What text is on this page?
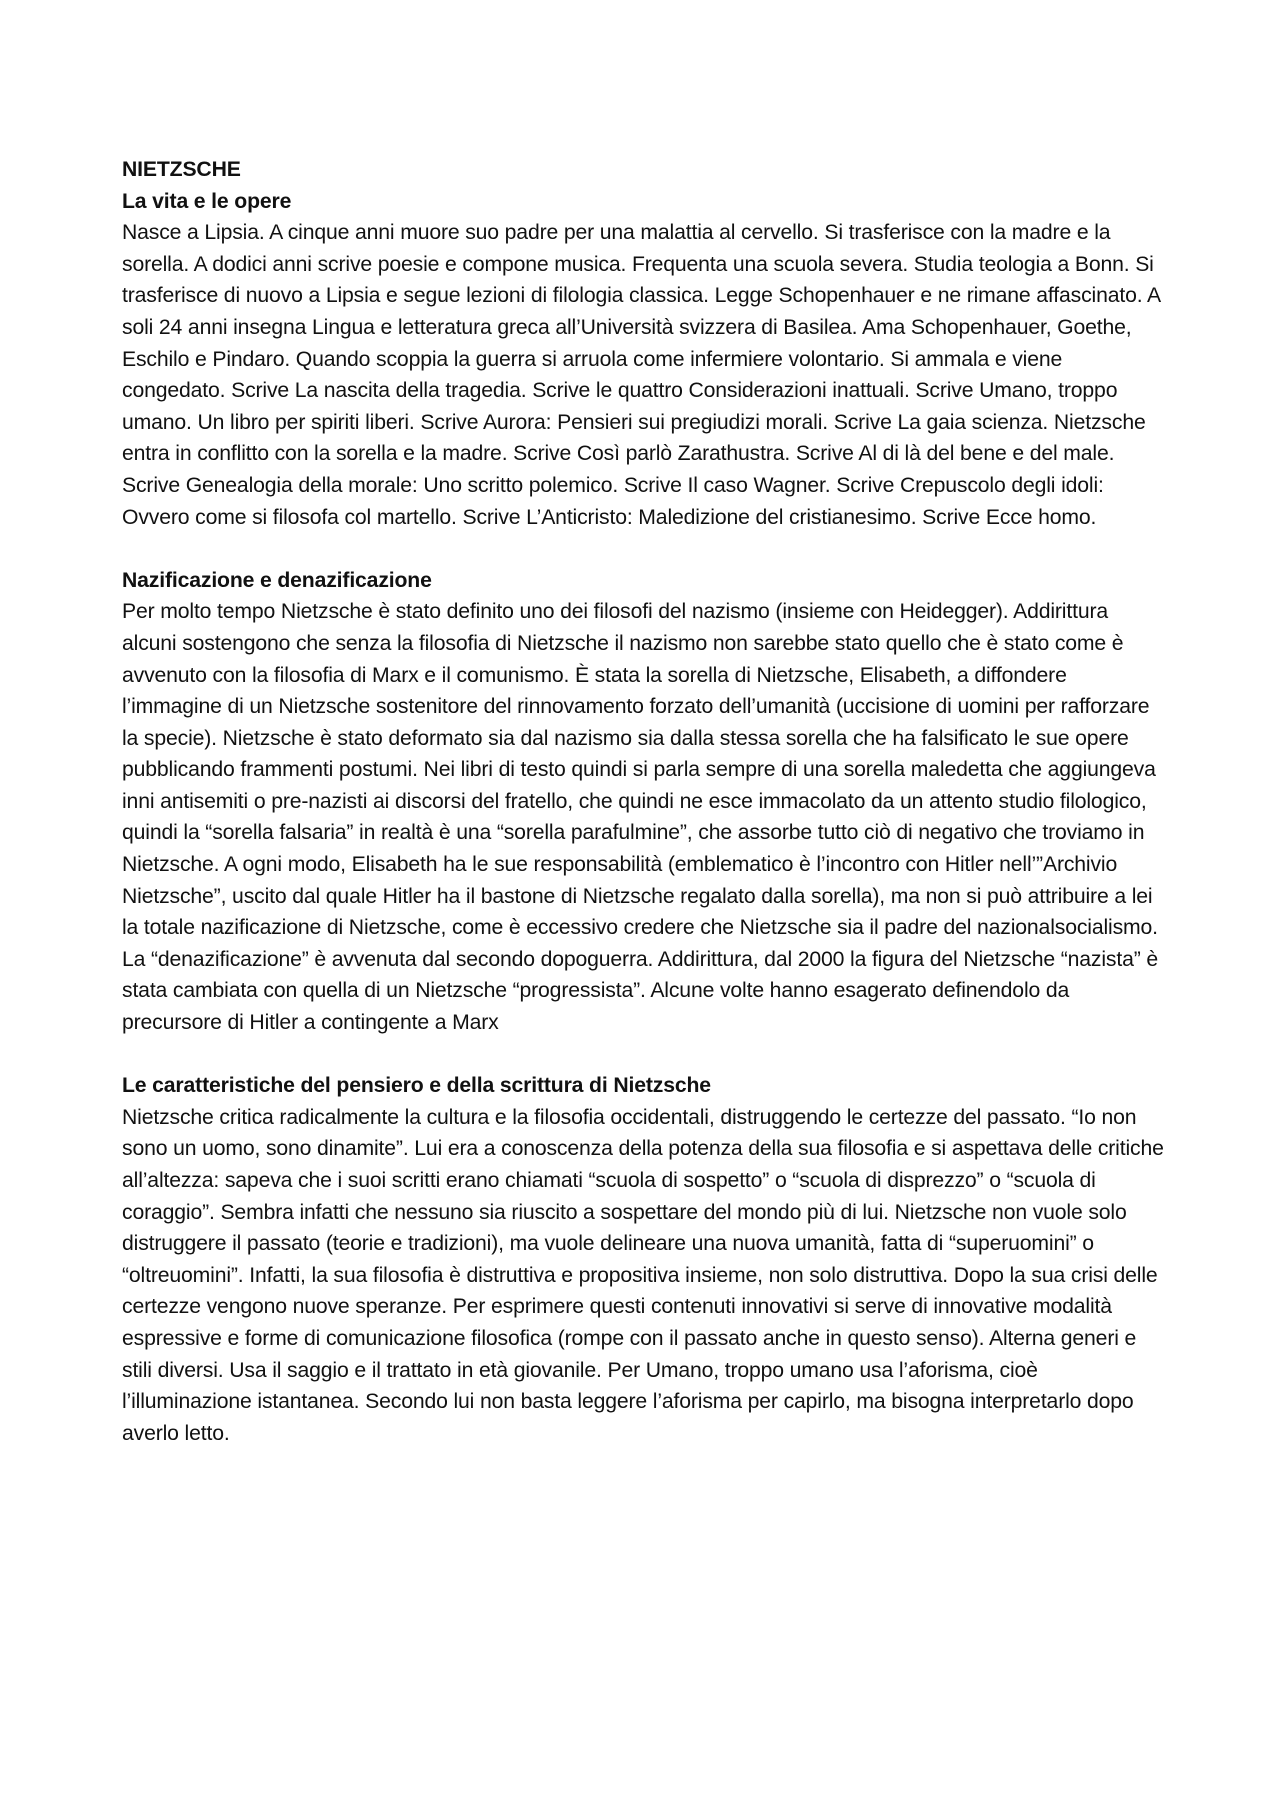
NIETZSCHE
La vita e le opere

Nasce a Lipsia. A cinque anni muore suo padre per una malattia al cervello. Si trasferisce con la madre e la sorella. A dodici anni scrive poesie e compone musica. Frequenta una scuola severa. Studia teologia a Bonn. Si trasferisce di nuovo a Lipsia e segue lezioni di filologia classica. Legge Schopenhauer e ne rimane affascinato. A soli 24 anni insegna Lingua e letteratura greca all’Università svizzera di Basilea. Ama Schopenhauer, Goethe, Eschilo e Pindaro. Quando scoppia la guerra si arruola come infermiere volontario. Si ammala e viene congedato. Scrive La nascita della tragedia. Scrive le quattro Considerazioni inattuali. Scrive Umano, troppo umano. Un libro per spiriti liberi. Scrive Aurora: Pensieri sui pregiudizi morali. Scrive La gaia scienza. Nietzsche entra in conflitto con la sorella e la madre. Scrive Così parlò Zarathustra. Scrive Al di là del bene e del male. Scrive Genealogia della morale: Uno scritto polemico. Scrive Il caso Wagner. Scrive Crepuscolo degli idoli: Ovvero come si filosofa col martello. Scrive L’Anticristo: Maledizione del cristianesimo. Scrive Ecce homo.

Nazificazione e denazificazione

Per molto tempo Nietzsche è stato definito uno dei filosofi del nazismo (insieme con Heidegger). Addirittura alcuni sostengono che senza la filosofia di Nietzsche il nazismo non sarebbe stato quello che è stato come è avvenuto con la filosofia di Marx e il comunismo. È stata la sorella di Nietzsche, Elisabeth, a diffondere l’immagine di un Nietzsche sostenitore del rinnovamento forzato dell’umanità (uccisione di uomini per rafforzare la specie). Nietzsche è stato deformato sia dal nazismo sia dalla stessa sorella che ha falsificato le sue opere pubblicando frammenti postumi. Nei libri di testo quindi si parla sempre di una sorella maledetta che aggiungeva inni antisemiti o pre-nazisti ai discorsi del fratello, che quindi ne esce immacolato da un attento studio filologico, quindi la “sorella falsaria” in realtà è una “sorella parafulmine”, che assorbe tutto ciò di negativo che troviamo in Nietzsche. A ogni modo, Elisabeth ha le sue responsabilità (emblematico è l’incontro con Hitler nell’”Archivio Nietzsche”, uscito dal quale Hitler ha il bastone di Nietzsche regalato dalla sorella), ma non si può attribuire a lei la totale nazificazione di Nietzsche, come è eccessivo credere che Nietzsche sia il padre del nazionalsocialismo. La “denazificazione” è avvenuta dal secondo dopoguerra. Addirittura, dal 2000 la figura del Nietzsche “nazista” è stata cambiata con quella di un Nietzsche “progressista”. Alcune volte hanno esagerato definendolo da precursore di Hitler a contingente a Marx

Le caratteristiche del pensiero e della scrittura di Nietzsche

Nietzsche critica radicalmente la cultura e la filosofia occidentali, distruggendo le certezze del passato. “Io non sono un uomo, sono dinamite”. Lui era a conoscenza della potenza della sua filosofia e si aspettava delle critiche all’altezza: sapeva che i suoi scritti erano chiamati “scuola di sospetto” o “scuola di disprezzo” o “scuola di coraggio”. Sembra infatti che nessuno sia riuscito a sospettare del mondo più di lui. Nietzsche non vuole solo distruggere il passato (teorie e tradizioni), ma vuole delineare una nuova umanità, fatta di “superuomini” o “oltreuomini”. Infatti, la sua filosofia è distruttiva e propositiva insieme, non solo distruttiva. Dopo la sua crisi delle certezze vengono nuove speranze. Per esprimere questi contenuti innovativi si serve di innovative modalità espressive e forme di comunicazione filosofica (rompe con il passato anche in questo senso). Alterna generi e stili diversi. Usa il saggio e il trattato in età giovanile. Per Umano, troppo umano usa l’aforisma, cioè l’illuminazione istantanea. Secondo lui non basta leggere l’aforisma per capirlo, ma bisogna interpretarlo dopo averlo letto.
